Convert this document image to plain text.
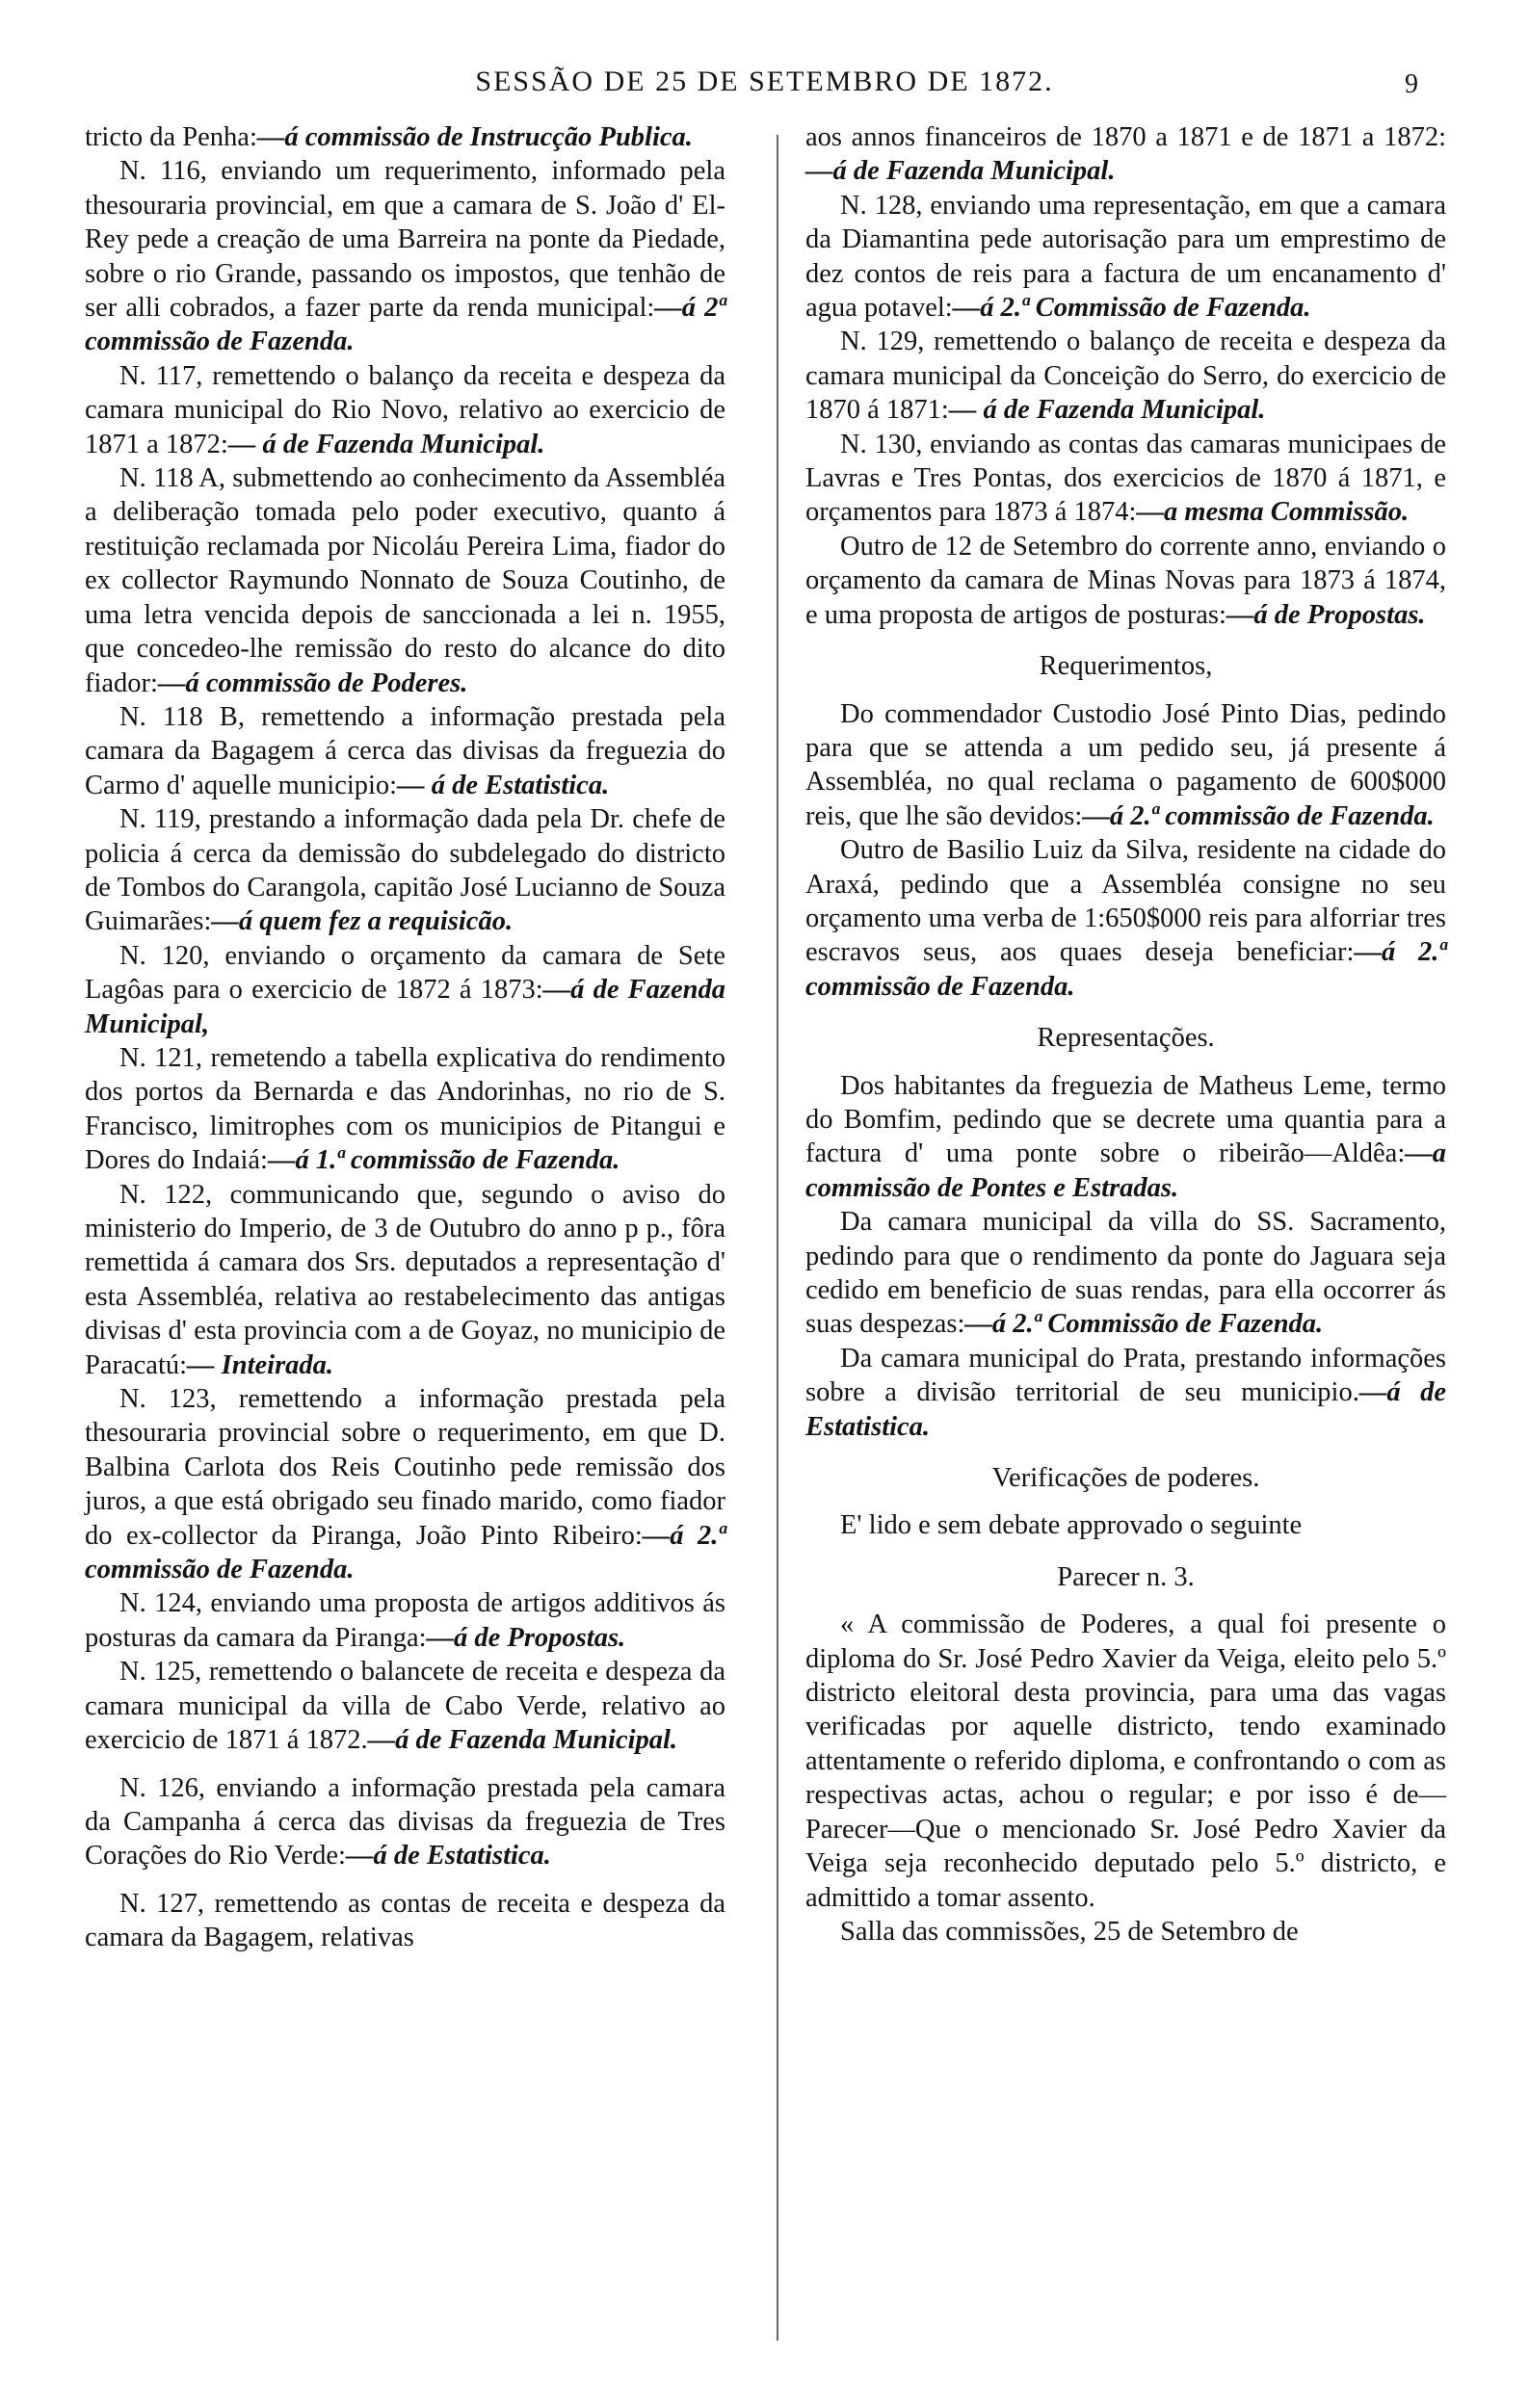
SESSÃO DE 25 DE SETEMBRO DE 1872.	9

tricto da Penha:—á commissão de Instrucção Publica.

N. 116, enviando um requerimento, informado pela thesouraria provincial, em que a camara de S. João d' El-Rey pede a creação de uma Barreira na ponte da Piedade, sobre o rio Grande, passando os impostos, que tenhão de ser alli cobrados, a fazer parte da renda municipal:—á 2ª commissão de Fazenda.

N. 117, remettendo o balanço da receita e despeza da camara municipal do Rio Novo, relativo ao exercicio de 1871 a 1872:— á de Fazenda Municipal.

N. 118 A, submettendo ao conhecimento da Assembléa a deliberação tomada pelo poder executivo, quanto á restituição reclamada por Nicoláu Pereira Lima, fiador do ex collector Raymundo Nonnato de Souza Coutinho, de uma letra vencida depois de sanccionada a lei n. 1955, que concedeo-lhe remissão do resto do alcance do dito fiador:—á commissão de Poderes.

N. 118 B, remettendo a informação prestada pela camara da Bagagem á cerca das divisas da freguezia do Carmo d' aquelle municipio:— á de Estatistica.

N. 119, prestando a informação dada pela Dr. chefe de policia á cerca da demissão do subdelegado do districto de Tombos do Carangola, capitão José Lucianno de Souza Guimarães:—á quem fez a requisicão.

N. 120, enviando o orçamento da camara de Sete Lagôas para o exercicio de 1872 á 1873:—á de Fazenda Municipal,

N. 121, remetendo a tabella explicativa do rendimento dos portos da Bernarda e das Andorinhas, no rio de S. Francisco, limitrophes com os municipios de Pitangui e Dores do Indaiá:—á 1.ª commissão de Fazenda.

N. 122, communicando que, segundo o aviso do ministerio do Imperio, de 3 de Outubro do anno p p., fôra remettida á camara dos Srs. deputados a representação d' esta Assembléa, relativa ao restabelecimento das antigas divisas d' esta provincia com a de Goyaz, no municipio de Paracatú:— Inteirada.

N. 123, remettendo a informação prestada pela thesouraria provincial sobre o requerimento, em que D. Balbina Carlota dos Reis Coutinho pede remissão dos juros, a que está obrigado seu finado marido, como fiador do ex-collector da Piranga, João Pinto Ribeiro:—á 2.ª commissão de Fazenda.

N. 124, enviando uma proposta de artigos additivos ás posturas da camara da Piranga:—á de Propostas.

N. 125, remettendo o balancete de receita e despeza da camara municipal da villa de Cabo Verde, relativo ao exercicio de 1871 á 1872.—á de Fazenda Municipal.

N. 126, enviando a informação prestada pela camara da Campanha á cerca das divisas da freguezia de Tres Corações do Rio Verde:—á de Estatistica.

N. 127, remettendo as contas de receita e despeza da camara da Bagagem, relativas

aos annos financeiros de 1870 a 1871 e de 1871 a 1872:—á de Fazenda Municipal.

N. 128, enviando uma representação, em que a camara da Diamantina pede autorisação para um emprestimo de dez contos de reis para a factura de um encanamento d' agua potavel:—á 2.ª Commissão de Fazenda.

N. 129, remettendo o balanço de receita e despeza da camara municipal da Conceição do Serro, do exercicio de 1870 á 1871:— á de Fazenda Municipal.

N. 130, enviando as contas das camaras municipaes de Lavras e Tres Pontas, dos exercicios de 1870 á 1871, e orçamentos para 1873 á 1874:—a mesma Commissão.

Outro de 12 de Setembro do corrente anno, enviando o orçamento da camara de Minas Novas para 1873 á 1874, e uma proposta de artigos de posturas:—á de Propostas.

Requerimentos,

Do commendador Custodio José Pinto Dias, pedindo para que se attenda a um pedido seu, já presente á Assembléa, no qual reclama o pagamento de 600$000 reis, que lhe são devidos:—á 2.ª commissão de Fazenda.

Outro de Basilio Luiz da Silva, residente na cidade do Araxá, pedindo que a Assembléa consigne no seu orçamento uma verba de 1:650$000 reis para alforriar tres escravos seus, aos quaes deseja beneficiar:—á 2.ª commissão de Fazenda.

Representações.

Dos habitantes da freguezia de Matheus Leme, termo do Bomfim, pedindo que se decrete uma quantia para a factura d' uma ponte sobre o ribeirão—Aldêa:—a commissão de Pontes e Estradas.

Da camara municipal da villa do SS. Sacramento, pedindo para que o rendimento da ponte do Jaguara seja cedido em beneficio de suas rendas, para ella occorrer ás suas despezas:—á 2.ª Commissão de Fazenda.

Da camara municipal do Prata, prestando informações sobre a divisão territorial de seu municipio.—á de Estatistica.

Verificações de poderes.

E' lido e sem debate approvado o seguinte

Parecer n. 3.

« A commissão de Poderes, a qual foi presente o diploma do Sr. José Pedro Xavier da Veiga, eleito pelo 5.º districto eleitoral desta provincia, para uma das vagas verificadas por aquelle districto, tendo examinado attentamente o referido diploma, e confrontando o com as respectivas actas, achou o regular; e por isso é de—Parecer—Que o mencionado Sr. José Pedro Xavier da Veiga seja reconhecido deputado pelo 5.º districto, e admittido a tomar assento.

Salla das commissões, 25 de Setembro de
